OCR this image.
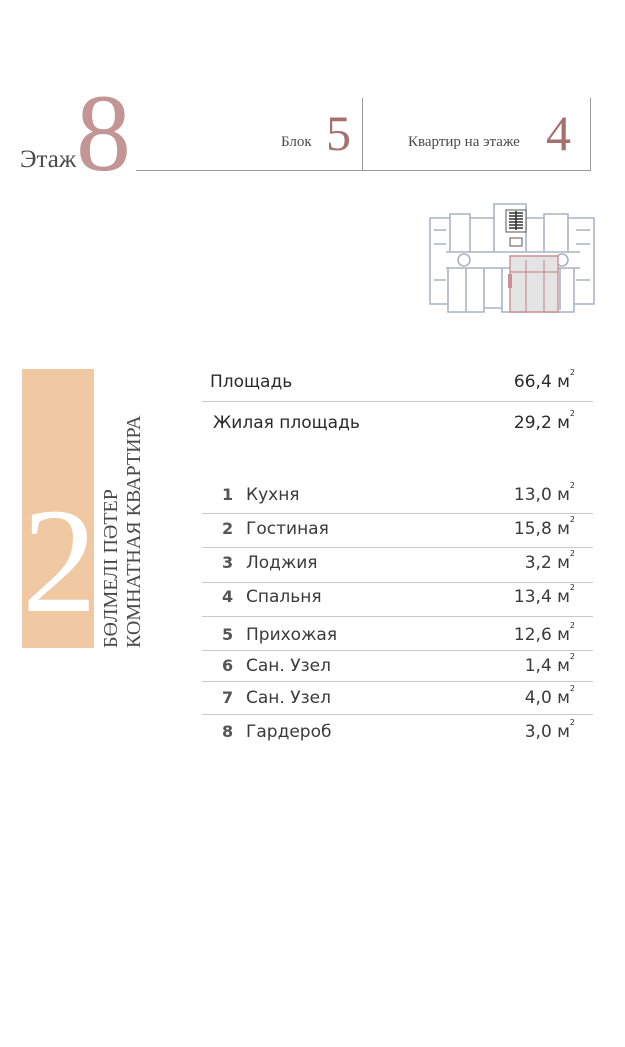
Этаж 8	Блок 5	Квартир на этаже 4
2 БӨЛМЕЛІ ПӘТЕР КОМНАТНАЯ КВАРТИРА
Площадь	66,4 м 2
Жилая площадь	29,2 м 2
1 Кухня	13,0 м 2
2 Гостиная	15,8 м 2
3 Лоджия	3,2 м 2
4 Спальня	13,4 м 2
5 Прихожая	12,6 м 2
6 Сан. Узел	1,4 м 2
7 Сан. Узел	4,0 м 2
8 Гардероб	3,0 м 2
